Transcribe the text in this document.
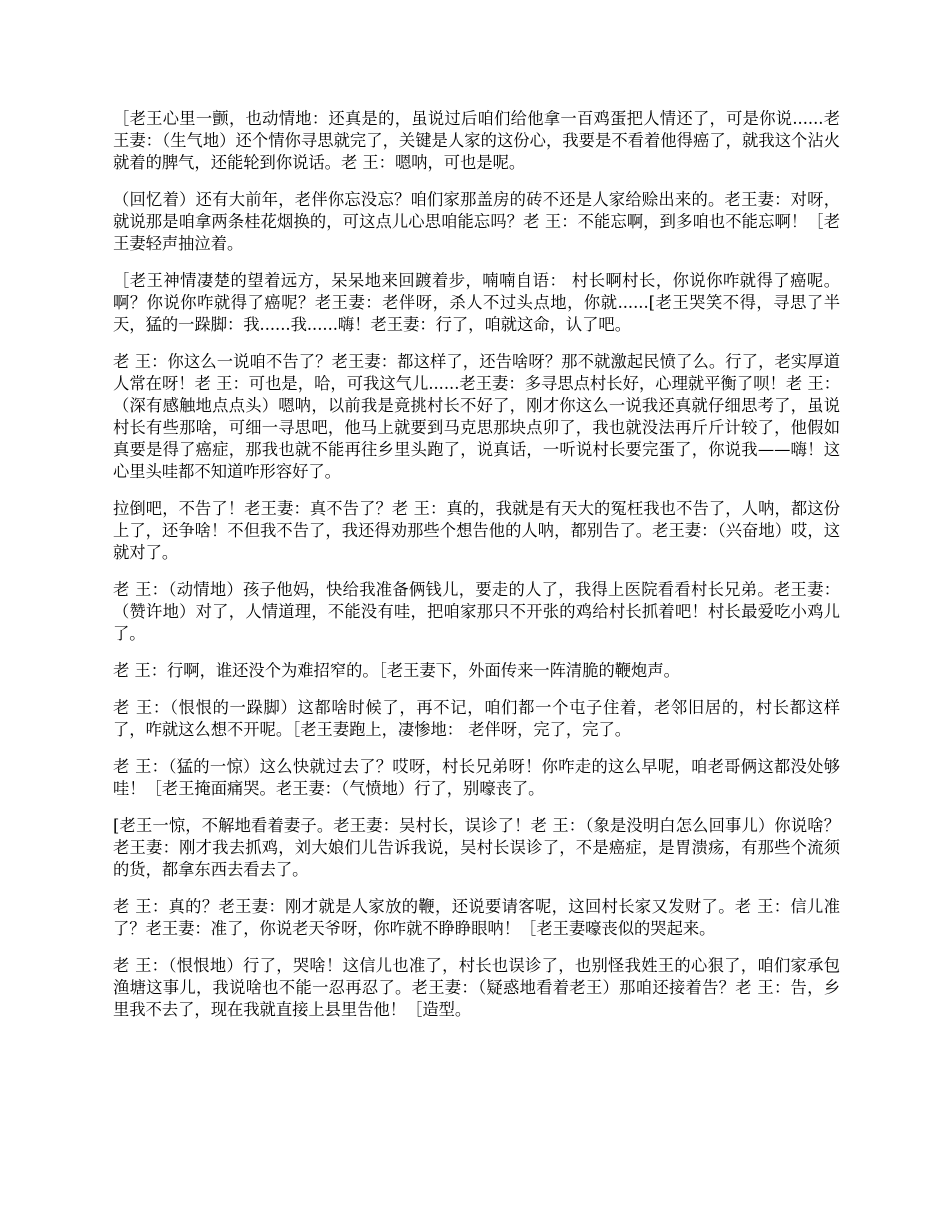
［老王心里一颤，也动情地：还真是的，虽说过后咱们给他拿一百鸡蛋把人情还了，可是你说......老王妻：（生气地）还个情你寻思就完了，关键是人家的这份心，我要是不看着他得癌了，就我这个沾火就着的脾气，还能轮到你说话。老 王：嗯呐，可也是呢。

（回忆着）还有大前年，老伴你忘没忘？咱们家那盖房的砖不还是人家给赊出来的。老王妻：对呀，就说那是咱拿两条桂花烟换的，可这点儿心思咱能忘吗？老 王：不能忘啊，到多咱也不能忘啊！［老王妻轻声抽泣着。

［老王神情凄楚的望着远方，呆呆地来回踱着步，喃喃自语： 村长啊村长，你说你咋就得了癌呢。啊？你说你咋就得了癌呢？老王妻：老伴呀，杀人不过头点地，你就......[老王哭笑不得，寻思了半天，猛的一跺脚：我......我......嗨！老王妻：行了，咱就这命，认了吧。

老 王：你这么一说咱不告了？老王妻：都这样了，还告啥呀？那不就激起民愤了么。行了，老实厚道人常在呀！老 王：可也是，哈，可我这气儿......老王妻：多寻思点村长好，心理就平衡了呗！老 王：（深有感触地点点头）嗯呐，以前我是竟挑村长不好了，刚才你这么一说我还真就仔细思考了，虽说村长有些那啥，可细一寻思吧，他马上就要到马克思那块点卯了，我也就没法再斤斤计较了，他假如真要是得了癌症，那我也就不能再往乡里头跑了，说真话，一听说村长要完蛋了，你说我——嗨！这心里头哇都不知道咋形容好了。

拉倒吧，不告了！老王妻：真不告了？老 王：真的，我就是有天大的冤枉我也不告了，人呐，都这份上了，还争啥！不但我不告了，我还得劝那些个想告他的人呐，都别告了。老王妻：（兴奋地）哎，这就对了。

老 王：（动情地）孩子他妈，快给我准备俩钱儿，要走的人了，我得上医院看看村长兄弟。老王妻：（赞许地）对了，人情道理，不能没有哇，把咱家那只不开张的鸡给村长抓着吧！村长最爱吃小鸡儿了。

老 王：行啊，谁还没个为难招窄的。［老王妻下，外面传来一阵清脆的鞭炮声。

老 王：（恨恨的一跺脚）这都啥时候了，再不记，咱们都一个屯子住着，老邻旧居的，村长都这样了，咋就这么想不开呢。［老王妻跑上，凄惨地： 老伴呀，完了，完了。

老 王：（猛的一惊）这么快就过去了？哎呀，村长兄弟呀！你咋走的这么早呢，咱老哥俩这都没处够哇！［老王掩面痛哭。老王妻：（气愤地）行了，别嚎丧了。

[老王一惊，不解地看着妻子。老王妻：吴村长，误诊了！老 王：（象是没明白怎么回事儿）你说啥？老王妻：刚才我去抓鸡，刘大娘们儿告诉我说，吴村长误诊了，不是癌症，是胃溃疡，有那些个流须的货，都拿东西去看去了。

老 王：真的？老王妻：刚才就是人家放的鞭，还说要请客呢，这回村长家又发财了。老 王：信儿准了？老王妻：准了，你说老天爷呀，你咋就不睁睁眼呐！［老王妻嚎丧似的哭起来。

老 王：（恨恨地）行了，哭啥！这信儿也准了，村长也误诊了，也别怪我姓王的心狠了，咱们家承包渔塘这事儿，我说啥也不能一忍再忍了。老王妻：（疑惑地看着老王）那咱还接着告？老 王：告，乡里我不去了，现在我就直接上县里告他！［造型。
